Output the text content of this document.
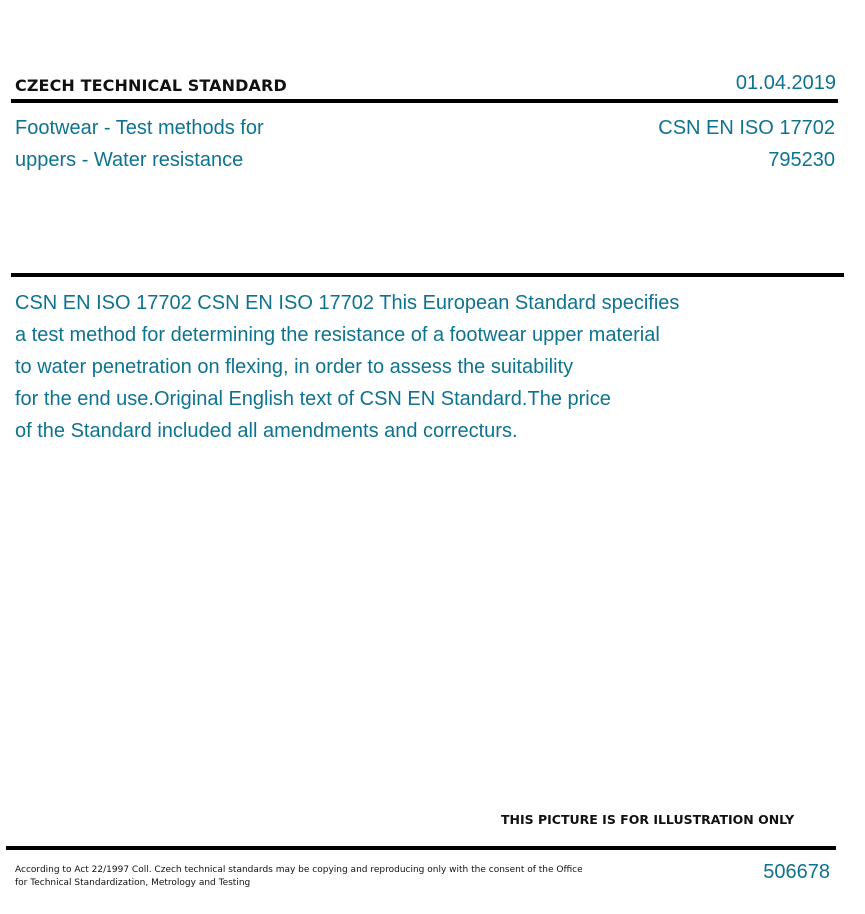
CZECH TECHNICAL STANDARD	01.04.2019
Footwear - Test methods for
uppers - Water resistance
CSN EN ISO 17702
795230
CSN EN ISO 17702 CSN EN ISO 17702 This European Standard specifies
a test method for determining the resistance of a footwear upper material
to water penetration on flexing, in order to assess the suitability
for the end use.Original English text of CSN EN Standard.The price
of the Standard included all amendments and correcturs.
THIS PICTURE IS FOR ILLUSTRATION ONLY
According to Act 22/1997 Coll. Czech technical standards may be copying and reproducing only with the consent of the Office
for Technical Standardization, Metrology and Testing	506678
